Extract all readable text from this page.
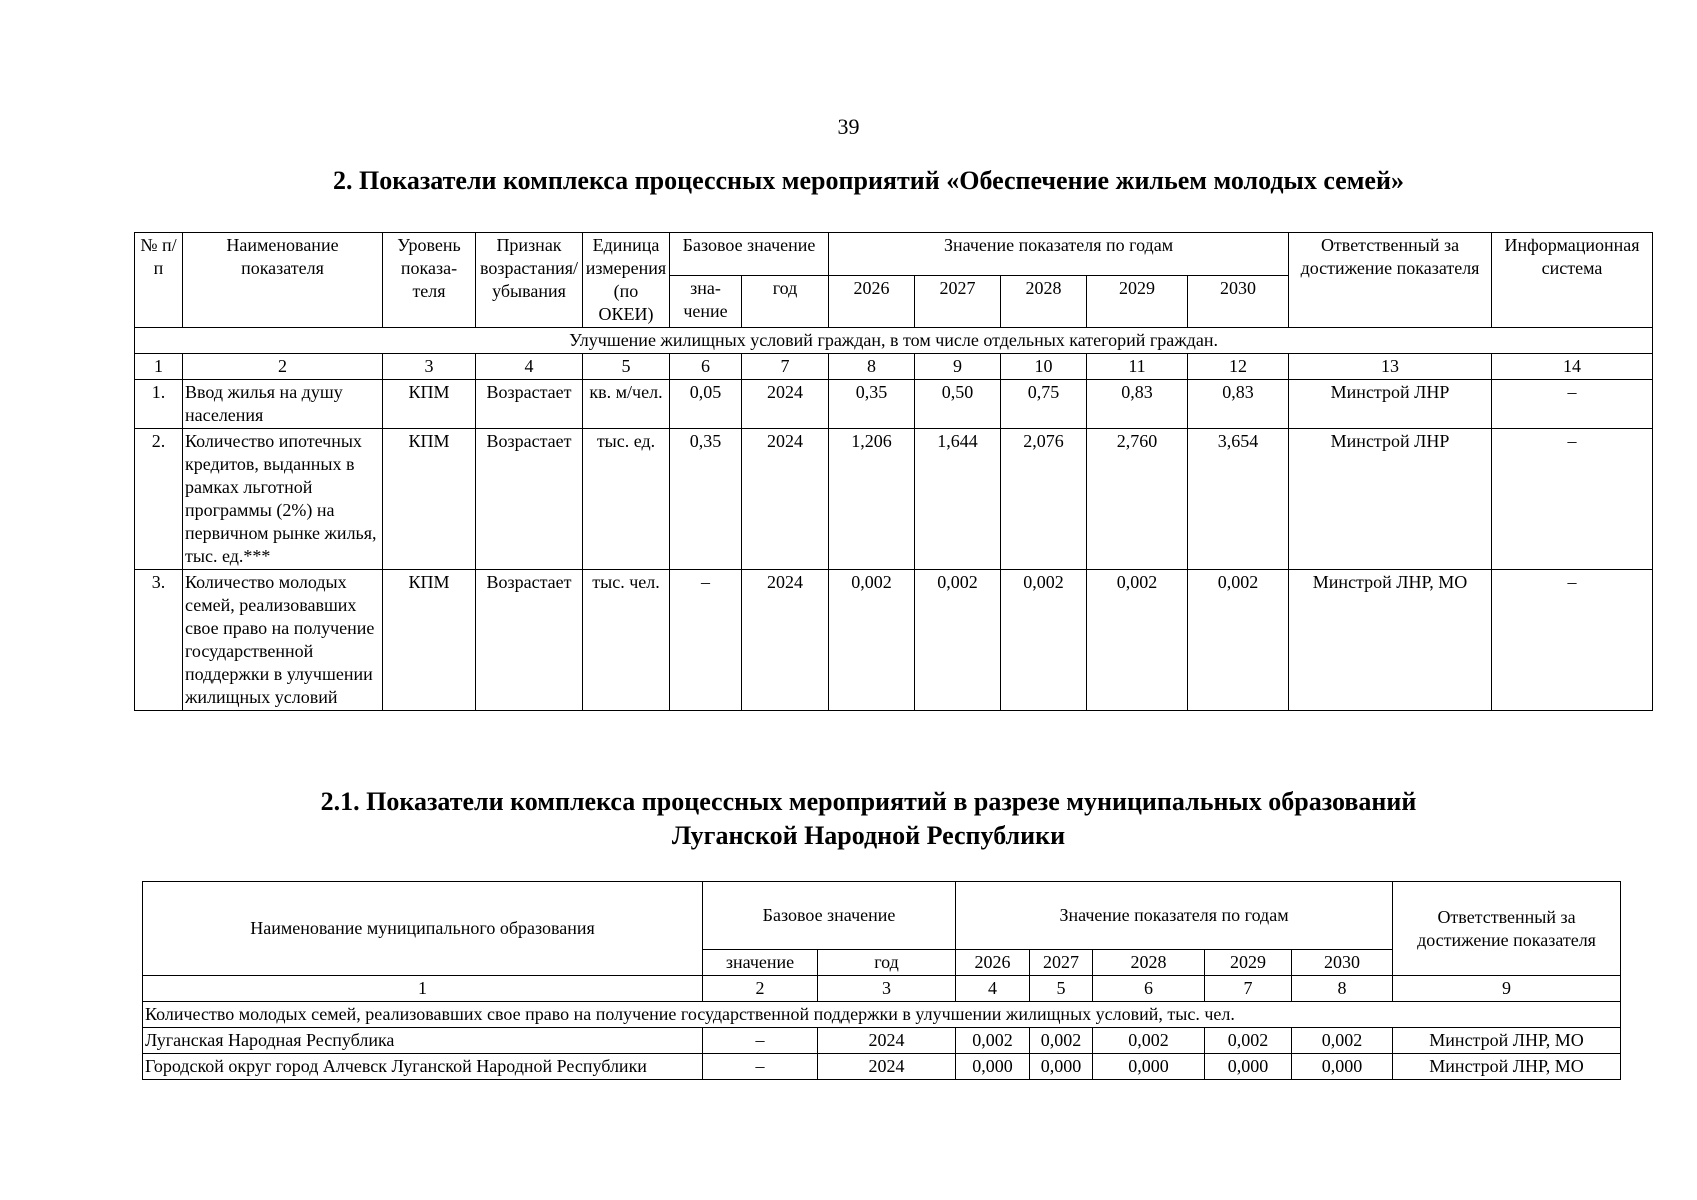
39
2. Показатели комплекса процессных мероприятий «Обеспечение жильем молодых семей»
№ п/п	Наименование показателя	Уровень показа-теля	Признак возрастания/ убывания	Единица измерения (по ОКЕИ)	Базовое значение		Значение показателя по годам					Ответственный за достижение показателя	Информационная система
					зна-чение	год	2026	2027	2028	2029	2030		
Улучшение жилищных условий граждан, в том числе отдельных категорий граждан.													
1	2	3	4	5	6	7	8	9	10	11	12	13	14
1.	Ввод жилья на душу населения	КПМ	Возрастает	кв. м/чел.	0,05	2024	0,35	0,50	0,75	0,83	0,83	Минстрой ЛНР	–
2.	Количество ипотечных кредитов, выданных в рамках льготной программы (2%) на первичном рынке жилья, тыс. ед.***	КПМ	Возрастает	тыс. ед.	0,35	2024	1,206	1,644	2,076	2,760	3,654	Минстрой ЛНР	–
3.	Количество молодых семей, реализовавших свое право на получение государственной поддержки в улучшении жилищных условий	КПМ	Возрастает	тыс. чел.	–	2024	0,002	0,002	0,002	0,002	0,002	Минстрой ЛНР, МО	–
2.1. Показатели комплекса процессных мероприятий в разрезе муниципальных образований
Луганской Народной Республики
Наименование муниципального образования	Базовое значение		Значение показателя по годам					Ответственный за достижение показателя
	значение	год	2026	2027	2028	2029	2030	
1	2	3	4	5	6	7	8	9
Количество молодых семей, реализовавших свое право на получение государственной поддержки в улучшении жилищных условий, тыс. чел.								
Луганская Народная Республика	–	2024	0,002	0,002	0,002	0,002	0,002	Минстрой ЛНР, МО
Городской округ город Алчевск Луганской Народной Республики	–	2024	0,000	0,000	0,000	0,000	0,000	Минстрой ЛНР, МО
